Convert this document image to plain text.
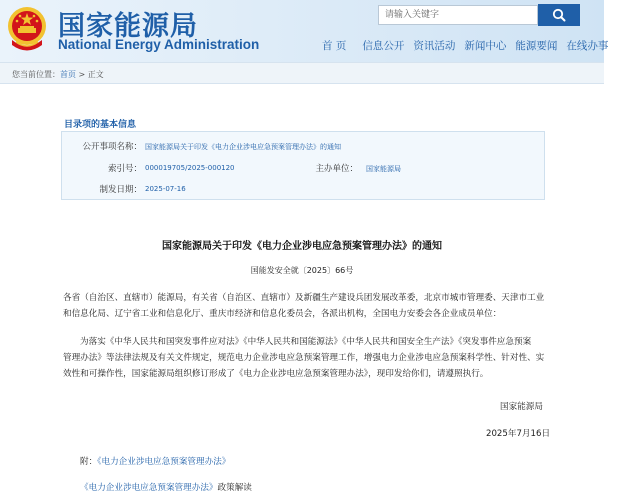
国家能源局
National Energy Administration
请输入关键字
首 页 信息公开 资讯活动 新闻中心 能源要闻 在线办事
您当前位置：首页 > 正文
目录项的基本信息
公开事项名称： 国家能源局关于印发《电力企业涉电应急预案管理办法》的通知
索引号： 000019705/2025-000120	主办单位： 国家能源局
制发日期： 2025-07-16
国家能源局关于印发《电力企业涉电应急预案管理办法》的通知
国能发安全就〔2025〕66号
各省（自治区、直辖市）能源局，有关省（自治区、直辖市）及新疆生产建设兵团发展改革委，北京市城市管理委、天津市工业
和信息化局、辽宁省工业和信息化厅、重庆市经济和信息化委员会，各派出机构，全国电力安委会各企业成员单位：
为落实《中华人民共和国突发事件应对法》《中华人民共和国能源法》《中华人民共和国安全生产法》《突发事件应急预案
管理办法》等法律法规及有关文件规定，规范电力企业涉电应急预案管理工作，增强电力企业涉电应急预案科学性、针对性、实
效性和可操作性，国家能源局组织修订形成了《电力企业涉电应急预案管理办法》，现印发给你们，请遵照执行。
国家能源局
2025年7月16日
附：《电力企业涉电应急预案管理办法》
《电力企业涉电应急预案管理办法》政策解读
